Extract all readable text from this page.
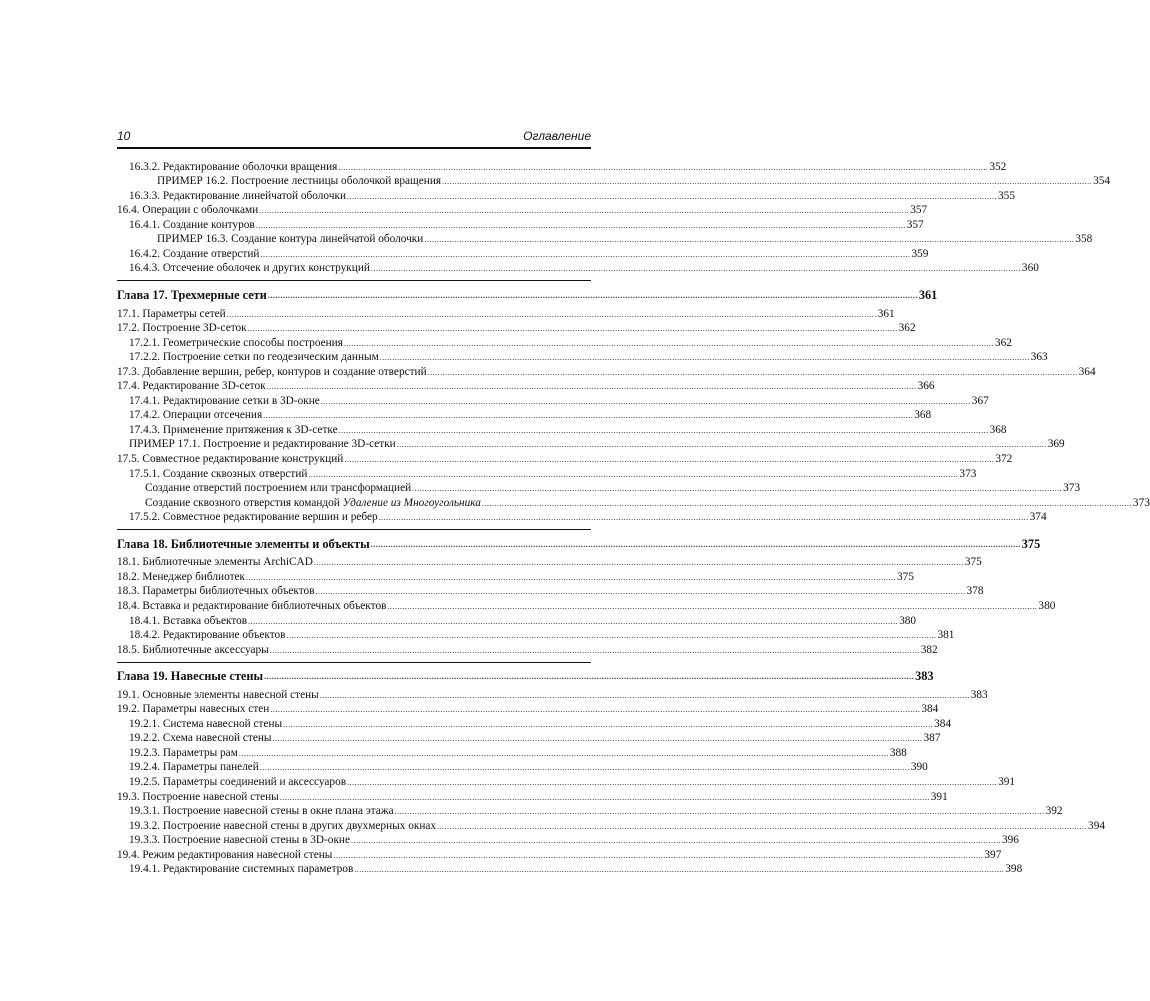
10	Оглавление
16.3.2. Редактирование оболочки вращения .................................................................................................................................................................................................................................................................... 352
ПРИМЕР 16.2. Построение лестницы оболочкой вращения .................................................................................................................................................................................................................................................................... 354
16.3.3. Редактирование линейчатой оболочки .................................................................................................................................................................................................................................................................... 355
16.4. Операции с оболочками .................................................................................................................................................................................................................................................................... 357
16.4.1. Создание контуров .................................................................................................................................................................................................................................................................... 357
ПРИМЕР 16.3. Создание контура линейчатой оболочки .................................................................................................................................................................................................................................................................... 358
16.4.2. Создание отверстий .................................................................................................................................................................................................................................................................... 359
16.4.3. Отсечение оболочек и других конструкций .................................................................................................................................................................................................................................................................... 360
Глава 17. Трехмерные сети .................................................................................................................................................................................................................................................................... 361
17.1. Параметры сетей .................................................................................................................................................................................................................................................................... 361
17.2. Построение 3D-сеток .................................................................................................................................................................................................................................................................... 362
17.2.1. Геометрические способы построения .................................................................................................................................................................................................................................................................... 362
17.2.2. Построение сетки по геодезическим данным .................................................................................................................................................................................................................................................................... 363
17.3. Добавление вершин, ребер, контуров и создание отверстий .................................................................................................................................................................................................................................................................... 364
17.4. Редактирование 3D-сеток .................................................................................................................................................................................................................................................................... 366
17.4.1. Редактирование сетки в 3D-окне .................................................................................................................................................................................................................................................................... 367
17.4.2. Операции отсечения .................................................................................................................................................................................................................................................................... 368
17.4.3. Применение притяжения к 3D-сетке .................................................................................................................................................................................................................................................................... 368
ПРИМЕР 17.1. Построение и редактирование 3D-сетки .................................................................................................................................................................................................................................................................... 369
17.5. Совместное редактирование конструкций .................................................................................................................................................................................................................................................................... 372
17.5.1. Создание сквозных отверстий .................................................................................................................................................................................................................................................................... 373
Создание отверстий построением или трансформацией .................................................................................................................................................................................................................................................................... 373
Создание сквозного отверстия командой Удаление из Многоугольника .................................................................................................................................................................................................................................................................... 373
17.5.2. Совместное редактирование вершин и ребер .................................................................................................................................................................................................................................................................... 374
Глава 18. Библиотечные элементы и объекты .................................................................................................................................................................................................................................................................... 375
18.1. Библиотечные элементы ArchiCAD .................................................................................................................................................................................................................................................................... 375
18.2. Менеджер библиотек .................................................................................................................................................................................................................................................................... 375
18.3. Параметры библиотечных объектов .................................................................................................................................................................................................................................................................... 378
18.4. Вставка и редактирование библиотечных объектов .................................................................................................................................................................................................................................................................... 380
18.4.1. Вставка объектов .................................................................................................................................................................................................................................................................... 380
18.4.2. Редактирование объектов .................................................................................................................................................................................................................................................................... 381
18.5. Библиотечные аксессуары .................................................................................................................................................................................................................................................................... 382
Глава 19. Навесные стены .................................................................................................................................................................................................................................................................... 383
19.1. Основные элементы навесной стены .................................................................................................................................................................................................................................................................... 383
19.2. Параметры навесных стен .................................................................................................................................................................................................................................................................... 384
19.2.1. Система навесной стены .................................................................................................................................................................................................................................................................... 384
19.2.2. Схема навесной стены .................................................................................................................................................................................................................................................................... 387
19.2.3. Параметры рам .................................................................................................................................................................................................................................................................... 388
19.2.4. Параметры панелей .................................................................................................................................................................................................................................................................... 390
19.2.5. Параметры соединений и аксессуаров .................................................................................................................................................................................................................................................................... 391
19.3. Построение навесной стены .................................................................................................................................................................................................................................................................... 391
19.3.1. Построение навесной стены в окне плана этажа .................................................................................................................................................................................................................................................................... 392
19.3.2. Построение навесной стены в других двухмерных окнах .................................................................................................................................................................................................................................................................... 394
19.3.3. Построение навесной стены в 3D-окне .................................................................................................................................................................................................................................................................... 396
19.4. Режим редактирования навесной стены .................................................................................................................................................................................................................................................................... 397
19.4.1. Редактирование системных параметров .................................................................................................................................................................................................................................................................... 398
